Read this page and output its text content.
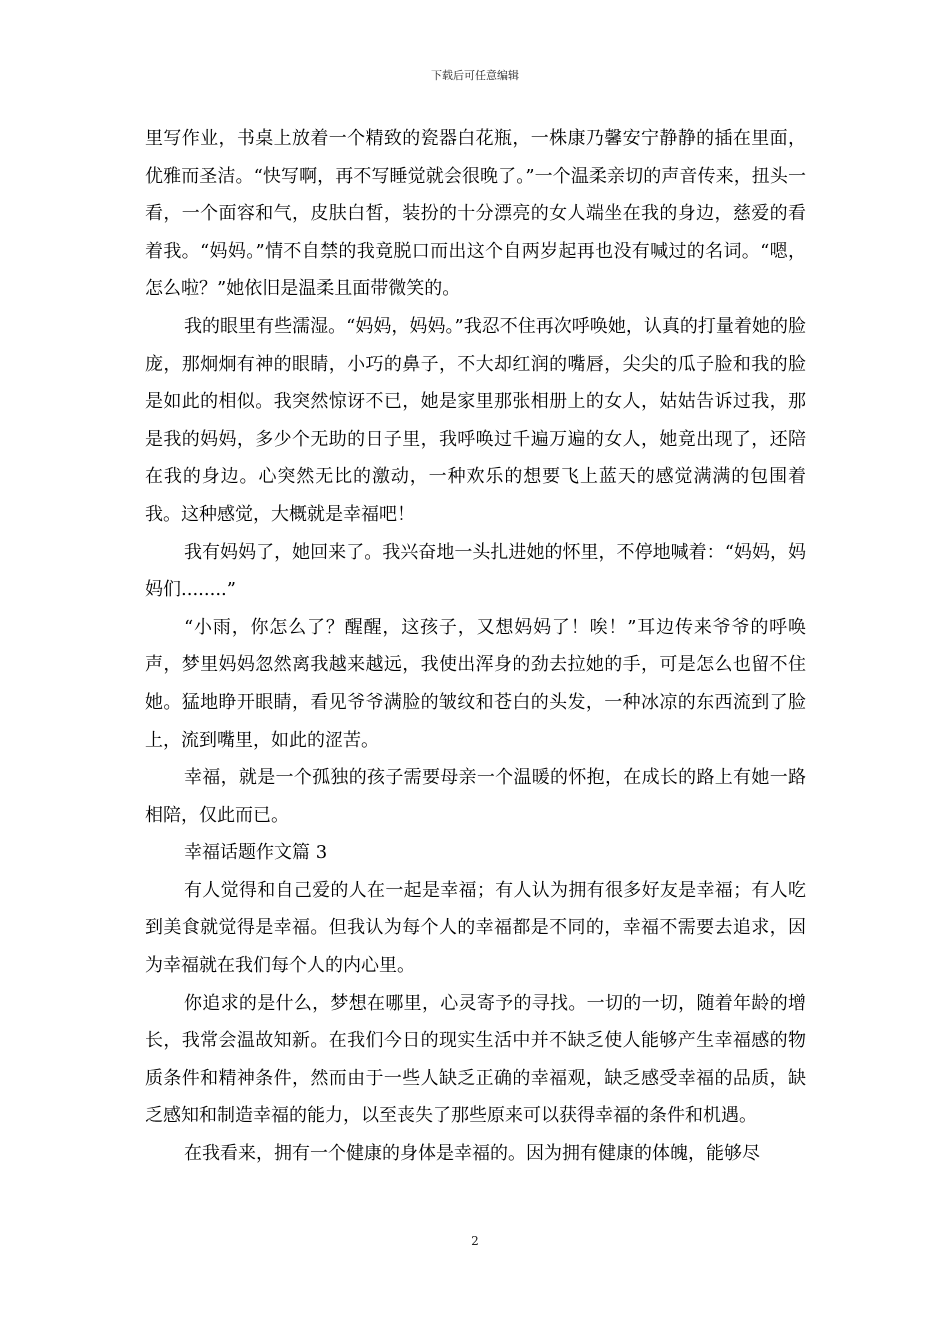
下载后可任意编辑

里写作业，书桌上放着一个精致的瓷器白花瓶，一株康乃馨安宁静静的插在里面，优雅而圣洁。“快写啊，再不写睡觉就会很晚了。”一个温柔亲切的声音传来，扭头一看，一个面容和气，皮肤白皙，装扮的十分漂亮的女人端坐在我的身边，慈爱的看着我。“妈妈。”情不自禁的我竟脱口而出这个自两岁起再也没有喊过的名词。“嗯，怎么啦？”她依旧是温柔且面带微笑的。

我的眼里有些濡湿。“妈妈，妈妈。”我忍不住再次呼唤她，认真的打量着她的脸庞，那炯炯有神的眼睛，小巧的鼻子，不大却红润的嘴唇，尖尖的瓜子脸和我的脸是如此的相似。我突然惊讶不已，她是家里那张相册上的女人，姑姑告诉过我，那是我的妈妈，多少个无助的日子里，我呼唤过千遍万遍的女人，她竟出现了，还陪在我的身边。心突然无比的激动，一种欢乐的想要飞上蓝天的感觉满满的包围着我。这种感觉，大概就是幸福吧！

我有妈妈了，她回来了。我兴奋地一头扎进她的怀里，不停地喊着：“妈妈，妈妈们........”

“小雨，你怎么了？醒醒，这孩子，又想妈妈了！唉！”耳边传来爷爷的呼唤声，梦里妈妈忽然离我越来越远，我使出浑身的劲去拉她的手，可是怎么也留不住她。猛地睁开眼睛，看见爷爷满脸的皱纹和苍白的头发，一种冰凉的东西流到了脸上，流到嘴里，如此的涩苦。

幸福，就是一个孤独的孩子需要母亲一个温暖的怀抱，在成长的路上有她一路相陪，仅此而已。

幸福话题作文篇 3

有人觉得和自己爱的人在一起是幸福；有人认为拥有很多好友是幸福；有人吃到美食就觉得是幸福。但我认为每个人的幸福都是不同的，幸福不需要去追求，因为幸福就在我们每个人的内心里。

你追求的是什么，梦想在哪里，心灵寄予的寻找。一切的一切，随着年龄的增长，我常会温故知新。在我们今日的现实生活中并不缺乏使人能够产生幸福感的物质条件和精神条件，然而由于一些人缺乏正确的幸福观，缺乏感受幸福的品质，缺乏感知和制造幸福的能力，以至丧失了那些原来可以获得幸福的条件和机遇。

在我看来，拥有一个健康的身体是幸福的。因为拥有健康的体魄，能够尽

2
